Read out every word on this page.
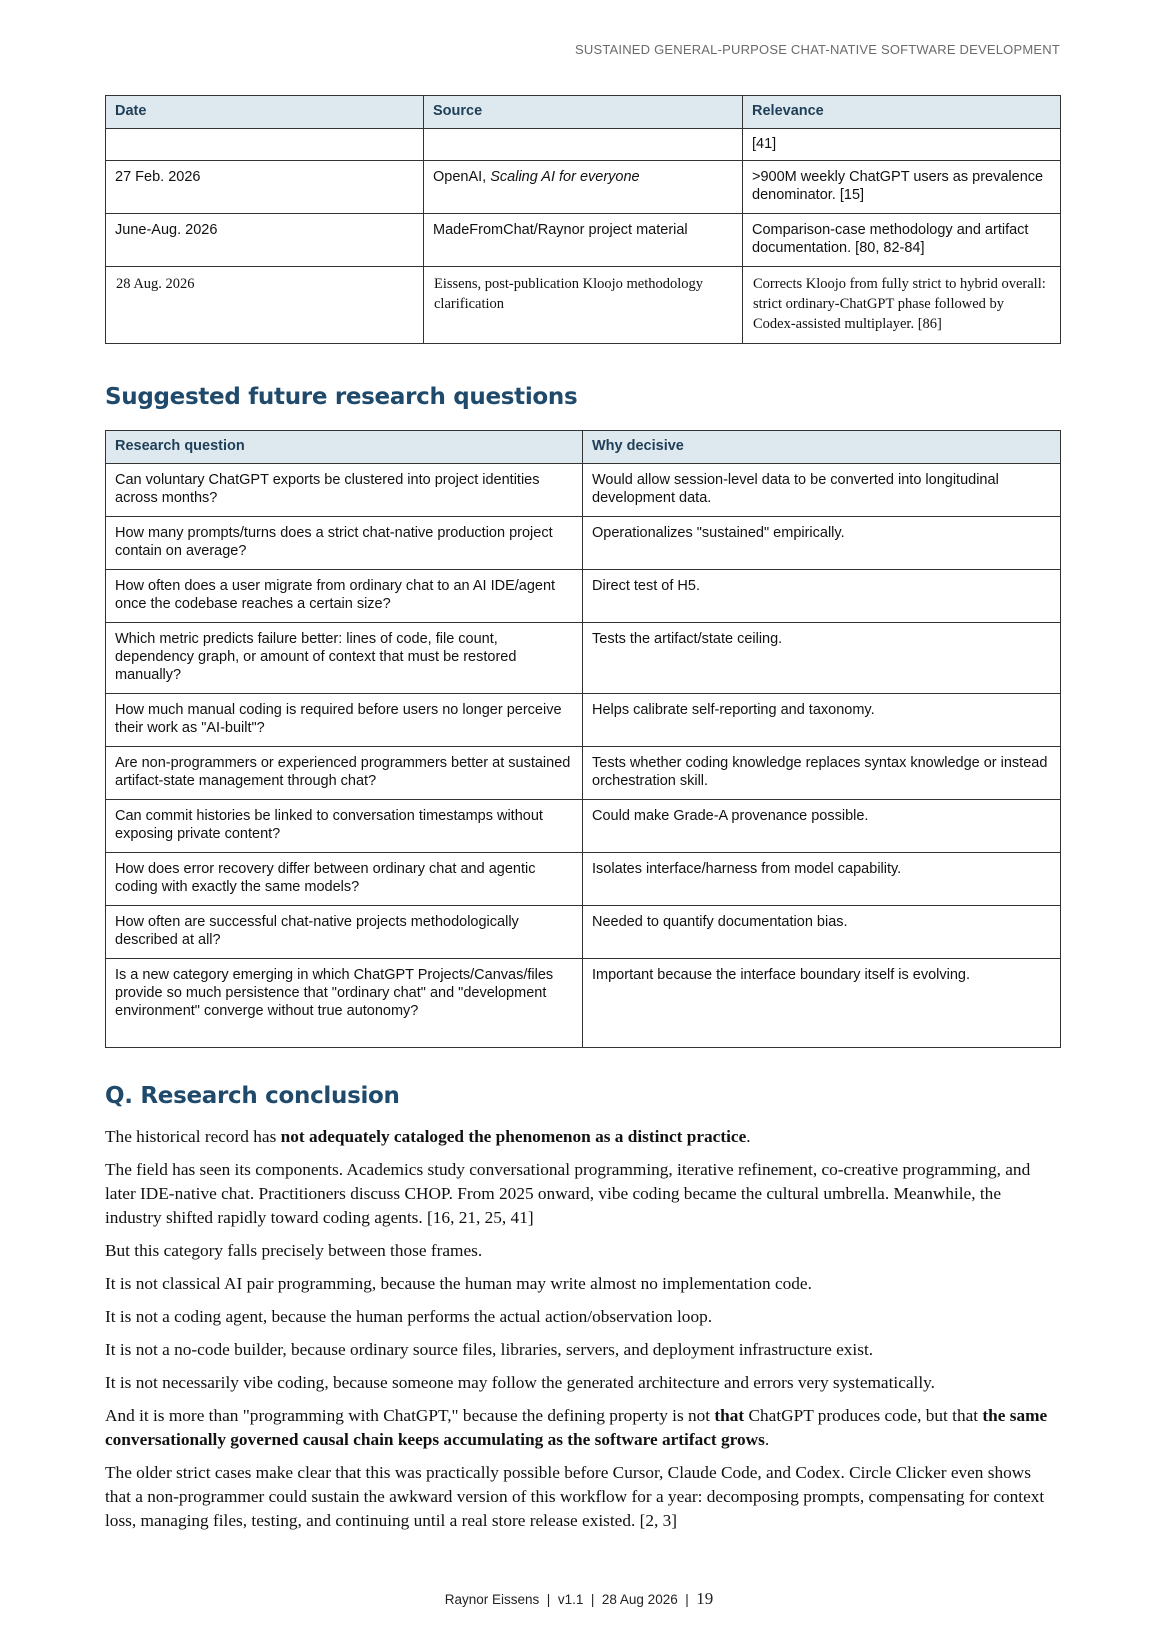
SUSTAINED GENERAL-PURPOSE CHAT-NATIVE SOFTWARE DEVELOPMENT
Date	Source	Relevance
		[41]
27 Feb. 2026	OpenAI, Scaling AI for everyone	>900M weekly ChatGPT users as prevalence denominator. [15]
June-Aug. 2026	MadeFromChat/Raynor project material	Comparison-case methodology and artifact documentation. [80, 82-84]
28 Aug. 2026	Eissens, post-publication Kloojo methodology clarification	Corrects Kloojo from fully strict to hybrid overall: strict ordinary-ChatGPT phase followed by Codex-assisted multiplayer. [86]
Suggested future research questions
Research question	Why decisive
Can voluntary ChatGPT exports be clustered into project identities across months?	Would allow session-level data to be converted into longitudinal development data.
How many prompts/turns does a strict chat-native production project contain on average?	Operationalizes "sustained" empirically.
How often does a user migrate from ordinary chat to an AI IDE/agent once the codebase reaches a certain size?	Direct test of H5.
Which metric predicts failure better: lines of code, file count, dependency graph, or amount of context that must be restored manually?	Tests the artifact/state ceiling.
How much manual coding is required before users no longer perceive their work as "AI-built"?	Helps calibrate self-reporting and taxonomy.
Are non-programmers or experienced programmers better at sustained artifact-state management through chat?	Tests whether coding knowledge replaces syntax knowledge or instead orchestration skill.
Can commit histories be linked to conversation timestamps without exposing private content?	Could make Grade-A provenance possible.
How does error recovery differ between ordinary chat and agentic coding with exactly the same models?	Isolates interface/harness from model capability.
How often are successful chat-native projects methodologically described at all?	Needed to quantify documentation bias.
Is a new category emerging in which ChatGPT Projects/Canvas/files provide so much persistence that "ordinary chat" and "development environment" converge without true autonomy?	Important because the interface boundary itself is evolving.
Q. Research conclusion

The historical record has not adequately cataloged the phenomenon as a distinct practice.

The field has seen its components. Academics study conversational programming, iterative refinement, co-creative programming, and later IDE-native chat. Practitioners discuss CHOP. From 2025 onward, vibe coding became the cultural umbrella. Meanwhile, the industry shifted rapidly toward coding agents. [16, 21, 25, 41]

But this category falls precisely between those frames.

It is not classical AI pair programming, because the human may write almost no implementation code.

It is not a coding agent, because the human performs the actual action/observation loop.

It is not a no-code builder, because ordinary source files, libraries, servers, and deployment infrastructure exist.

It is not necessarily vibe coding, because someone may follow the generated architecture and errors very systematically.

And it is more than "programming with ChatGPT," because the defining property is not that ChatGPT produces code, but that the same conversationally governed causal chain keeps accumulating as the software artifact grows.

The older strict cases make clear that this was practically possible before Cursor, Claude Code, and Codex. Circle Clicker even shows that a non-programmer could sustain the awkward version of this workflow for a year: decomposing prompts, compensating for context loss, managing files, testing, and continuing until a real store release existed. [2, 3]

Raynor Eissens | v1.1 | 28 Aug 2026 | 19
